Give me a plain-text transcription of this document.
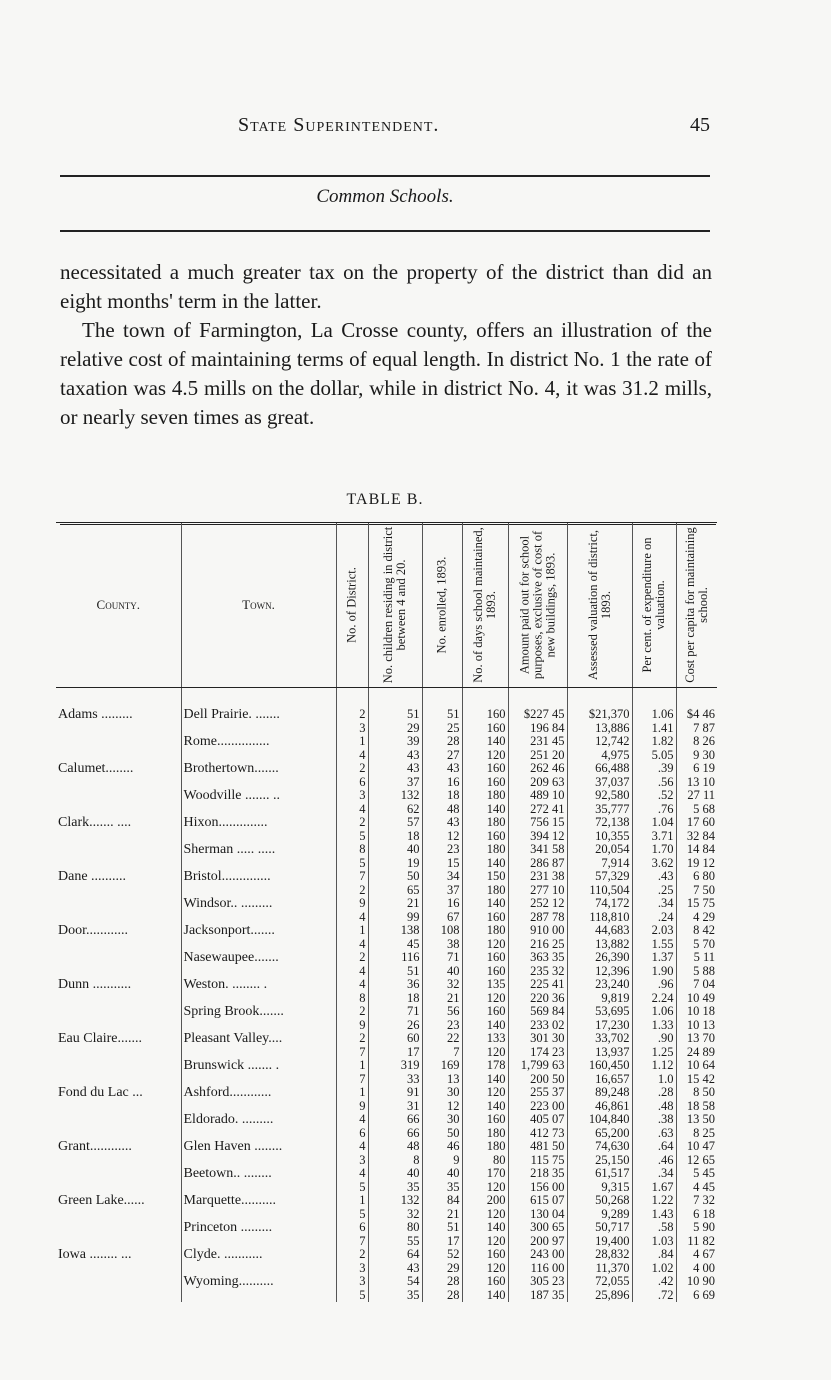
State Superintendent.	45
Common Schools.

necessitated a much greater tax on the property of the district than did an eight months' term in the latter.

The town of Farmington, La Crosse county, offers an illustration of the relative cost of maintaining terms of equal length. In district No. 1 the rate of taxation was 4.5 mills on the dollar, while in district No. 4, it was 31.2 mills, or nearly seven times as great.

TABLE B.
County.	Town.	No. of District.	No. children residing in district between 4 and 20.	No. enrolled, 1893.	No. of days school maintained, 1893.	Amount paid out for school purposes, exclusive of cost of new buildings, 1893.	Assessed valuation of district, 1893.	Per cent. of expenditure on valuation.	Cost per capita for maintaining school.

Adams .........	Dell Prairie. .......	2	51	51	160	$227 45	$21,370	1.06	$4 46
		3	29	25	160	196 84	13,886	1.41	7 87
	Rome...............	1	39	28	140	231 45	12,742	1.82	8 26
		4	43	27	120	251 20	4,975	5.05	9 30
Calumet........	Brothertown.......	2	43	43	160	262 46	66,488	.39	6 19
		6	37	16	160	209 63	37,037	.56	13 10
	Woodville ....... ..	3	132	18	180	489 10	92,580	.52	27 11
		4	62	48	140	272 41	35,777	.76	5 68
Clark....... ....	Hixon..............	2	57	43	180	756 15	72,138	1.04	17 60
		5	18	12	160	394 12	10,355	3.71	32 84
	Sherman ..... .....	8	40	23	180	341 58	20,054	1.70	14 84
		5	19	15	140	286 87	7,914	3.62	19 12
Dane ..........	Bristol..............	7	50	34	150	231 38	57,329	.43	6 80
		2	65	37	180	277 10	110,504	.25	7 50
	Windsor.. .........	9	21	16	140	252 12	74,172	.34	15 75
		4	99	67	160	287 78	118,810	.24	4 29
Door............	Jacksonport.......	1	138	108	180	910 00	44,683	2.03	8 42
		4	45	38	120	216 25	13,882	1.55	5 70
	Nasewaupee.......	2	116	71	160	363 35	26,390	1.37	5 11
		4	51	40	160	235 32	12,396	1.90	5 88
Dunn ...........	Weston. ........ .	4	36	32	135	225 41	23,240	.96	7 04
		8	18	21	120	220 36	9,819	2.24	10 49
	Spring Brook.......	2	71	56	160	569 84	53,695	1.06	10 18
		9	26	23	140	233 02	17,230	1.33	10 13
Eau Claire.......	Pleasant Valley....	2	60	22	133	301 30	33,702	.90	13 70
		7	17	7	120	174 23	13,937	1.25	24 89
	Brunswick ....... .	1	319	169	178	1,799 63	160,450	1.12	10 64
		7	33	13	140	200 50	16,657	1.0	15 42
Fond du Lac ...	Ashford............	1	91	30	120	255 37	89,248	.28	8 50
		9	31	12	140	223 00	46,861	.48	18 58
	Eldorado. .........	4	66	30	160	405 07	104,840	.38	13 50
		6	66	50	180	412 73	65,200	.63	8 25
Grant............	Glen Haven ........	4	48	46	180	481 50	74,630	.64	10 47
		3	8	9	80	115 75	25,150	.46	12 65
	Beetown.. ........	4	40	40	170	218 35	61,517	.34	5 45
		5	35	35	120	156 00	9,315	1.67	4 45
Green Lake......	Marquette..........	1	132	84	200	615 07	50,268	1.22	7 32
		5	32	21	120	130 04	9,289	1.43	6 18
	Princeton .........	6	80	51	140	300 65	50,717	.58	5 90
		7	55	17	120	200 97	19,400	1.03	11 82
Iowa ........ ...	Clyde. ...........	2	64	52	160	243 00	28,832	.84	4 67
		3	43	29	120	116 00	11,370	1.02	4 00
	Wyoming..........	3	54	28	160	305 23	72,055	.42	10 90
		5	35	28	140	187 35	25,896	.72	6 69
